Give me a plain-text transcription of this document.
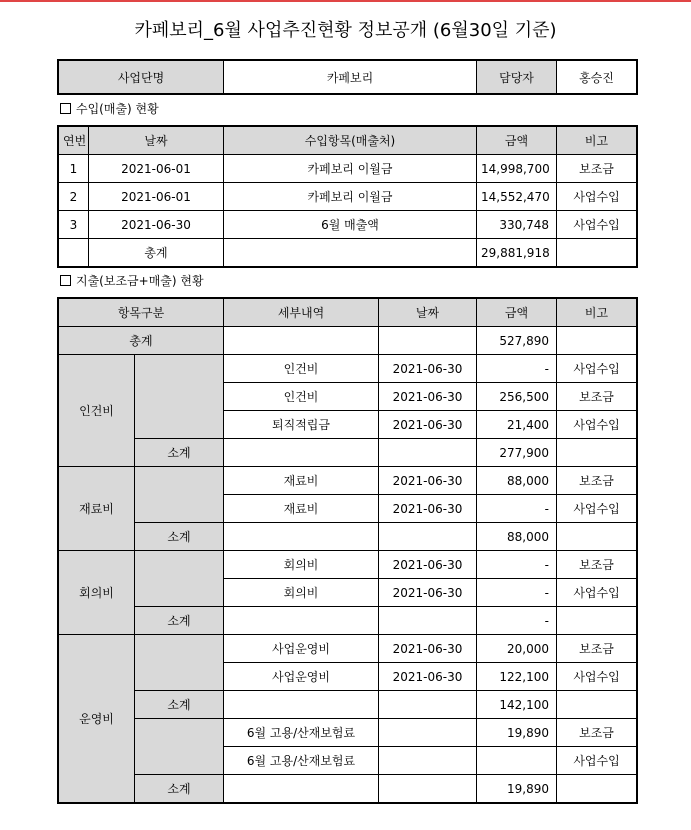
카페보리_6월 사업추진현황 정보공개 (6월30일 기준)
사업단명	카페보리	담당자	홍승진
수입(매출) 현황
연번	날짜	수입항목(매출처)	금액	비고
1	2021-06-01	카페보리 이월금	14,998,700	보조금
2	2021-06-01	카페보리 이월금	14,552,470	사업수입
3	2021-06-30	6월 매출액	330,748	사업수입
	총계		29,881,918	
지출(보조금+매출) 현황
항목구분		세부내역	날짜	금액	비고
총계				527,890	
인건비		인건비	2021-06-30	-	사업수입
		인건비	2021-06-30	256,500	보조금
		퇴직적립금	2021-06-30	21,400	사업수입
	소계			277,900	
재료비		재료비	2021-06-30	88,000	보조금
		재료비	2021-06-30	-	사업수입
	소계			88,000	
회의비		회의비	2021-06-30	-	보조금
		회의비	2021-06-30	-	사업수입
	소계			-	
운영비		사업운영비	2021-06-30	20,000	보조금
		사업운영비	2021-06-30	122,100	사업수입
	소계			142,100	
		6월 고용/산재보험료		19,890	보조금
		6월 고용/산재보험료			사업수입
	소계			19,890	
